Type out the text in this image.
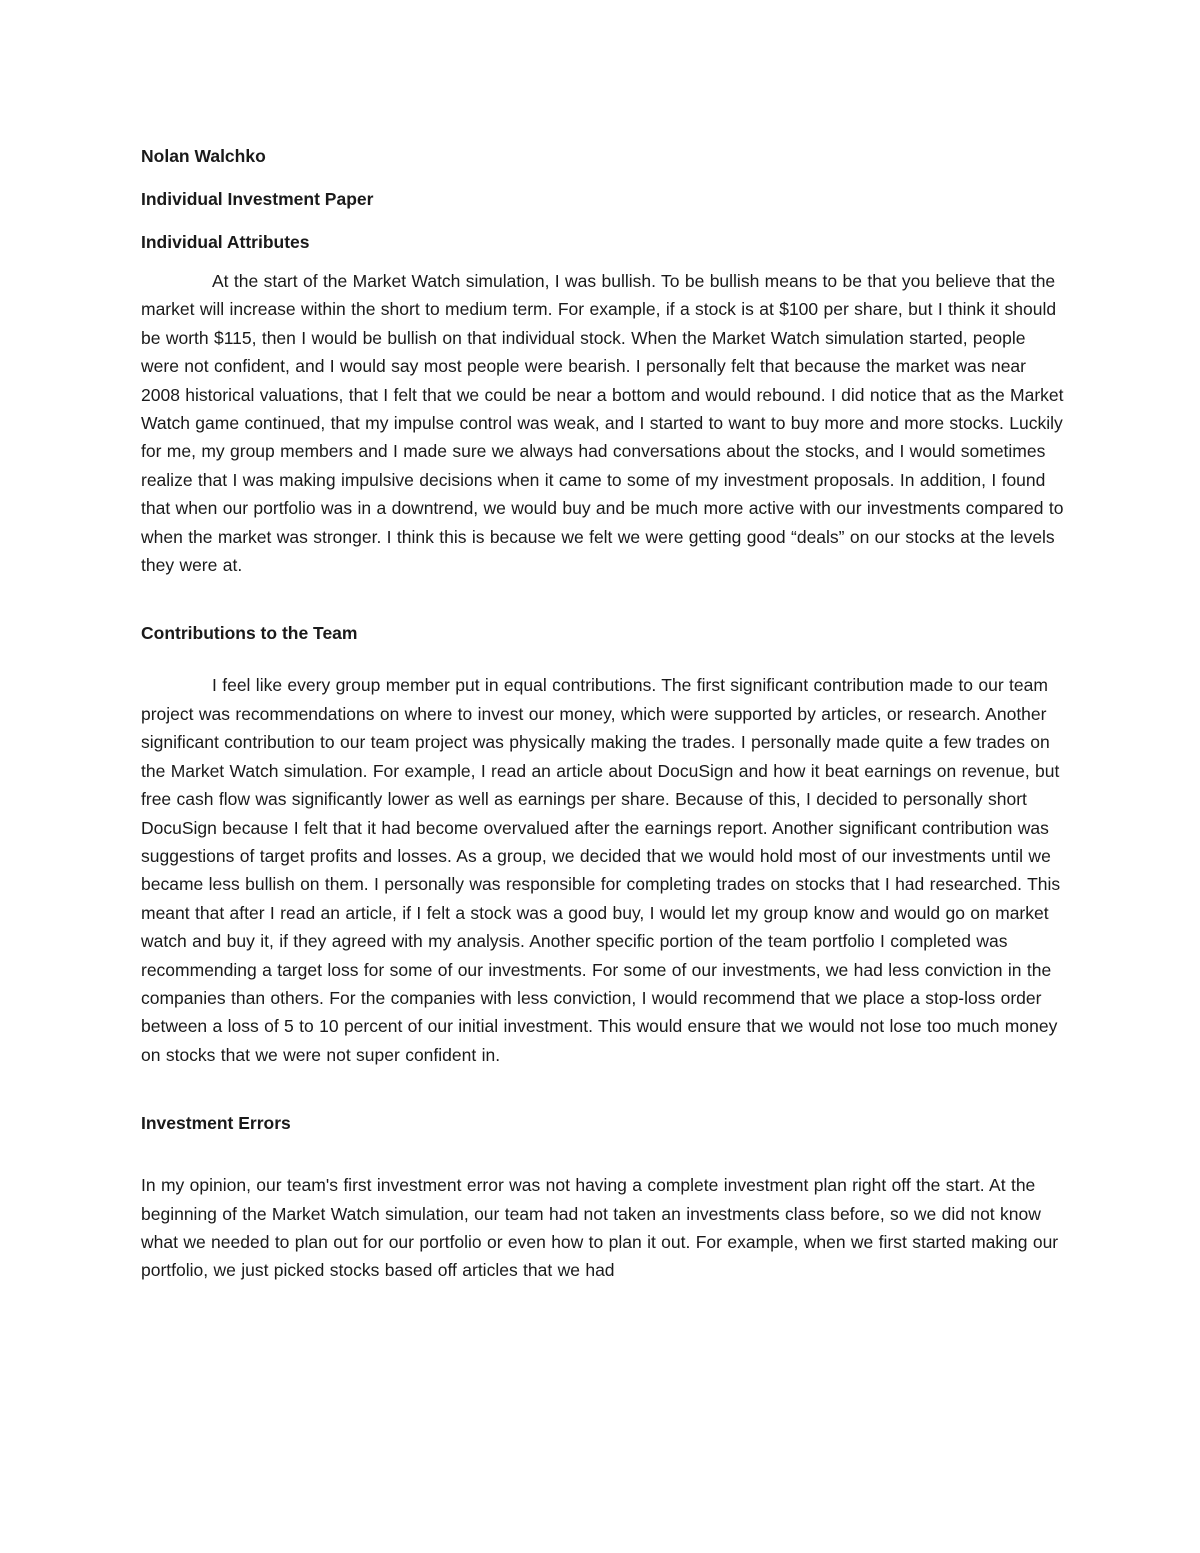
Nolan Walchko

Individual Investment Paper

Individual Attributes

At the start of the Market Watch simulation, I was bullish. To be bullish means to be that you believe that the market will increase within the short to medium term. For example, if a stock is at $100 per share, but I think it should be worth $115, then I would be bullish on that individual stock. When the Market Watch simulation started, people were not confident, and I would say most people were bearish. I personally felt that because the market was near 2008 historical valuations, that I felt that we could be near a bottom and would rebound. I did notice that as the Market Watch game continued, that my impulse control was weak, and I started to want to buy more and more stocks. Luckily for me, my group members and I made sure we always had conversations about the stocks, and I would sometimes realize that I was making impulsive decisions when it came to some of my investment proposals. In addition, I found that when our portfolio was in a downtrend, we would buy and be much more active with our investments compared to when the market was stronger. I think this is because we felt we were getting good “deals” on our stocks at the levels they were at.

Contributions to the Team

I feel like every group member put in equal contributions. The first significant contribution made to our team project was recommendations on where to invest our money, which were supported by articles, or research. Another significant contribution to our team project was physically making the trades. I personally made quite a few trades on the Market Watch simulation. For example, I read an article about DocuSign and how it beat earnings on revenue, but free cash flow was significantly lower as well as earnings per share. Because of this, I decided to personally short DocuSign because I felt that it had become overvalued after the earnings report. Another significant contribution was suggestions of target profits and losses. As a group, we decided that we would hold most of our investments until we became less bullish on them. I personally was responsible for completing trades on stocks that I had researched. This meant that after I read an article, if I felt a stock was a good buy, I would let my group know and would go on market watch and buy it, if they agreed with my analysis. Another specific portion of the team portfolio I completed was recommending a target loss for some of our investments. For some of our investments, we had less conviction in the companies than others. For the companies with less conviction, I would recommend that we place a stop-loss order between a loss of 5 to 10 percent of our initial investment. This would ensure that we would not lose too much money on stocks that we were not super confident in.

Investment Errors

In my opinion, our team's first investment error was not having a complete investment plan right off the start. At the beginning of the Market Watch simulation, our team had not taken an investments class before, so we did not know what we needed to plan out for our portfolio or even how to plan it out. For example, when we first started making our portfolio, we just picked stocks based off articles that we had
